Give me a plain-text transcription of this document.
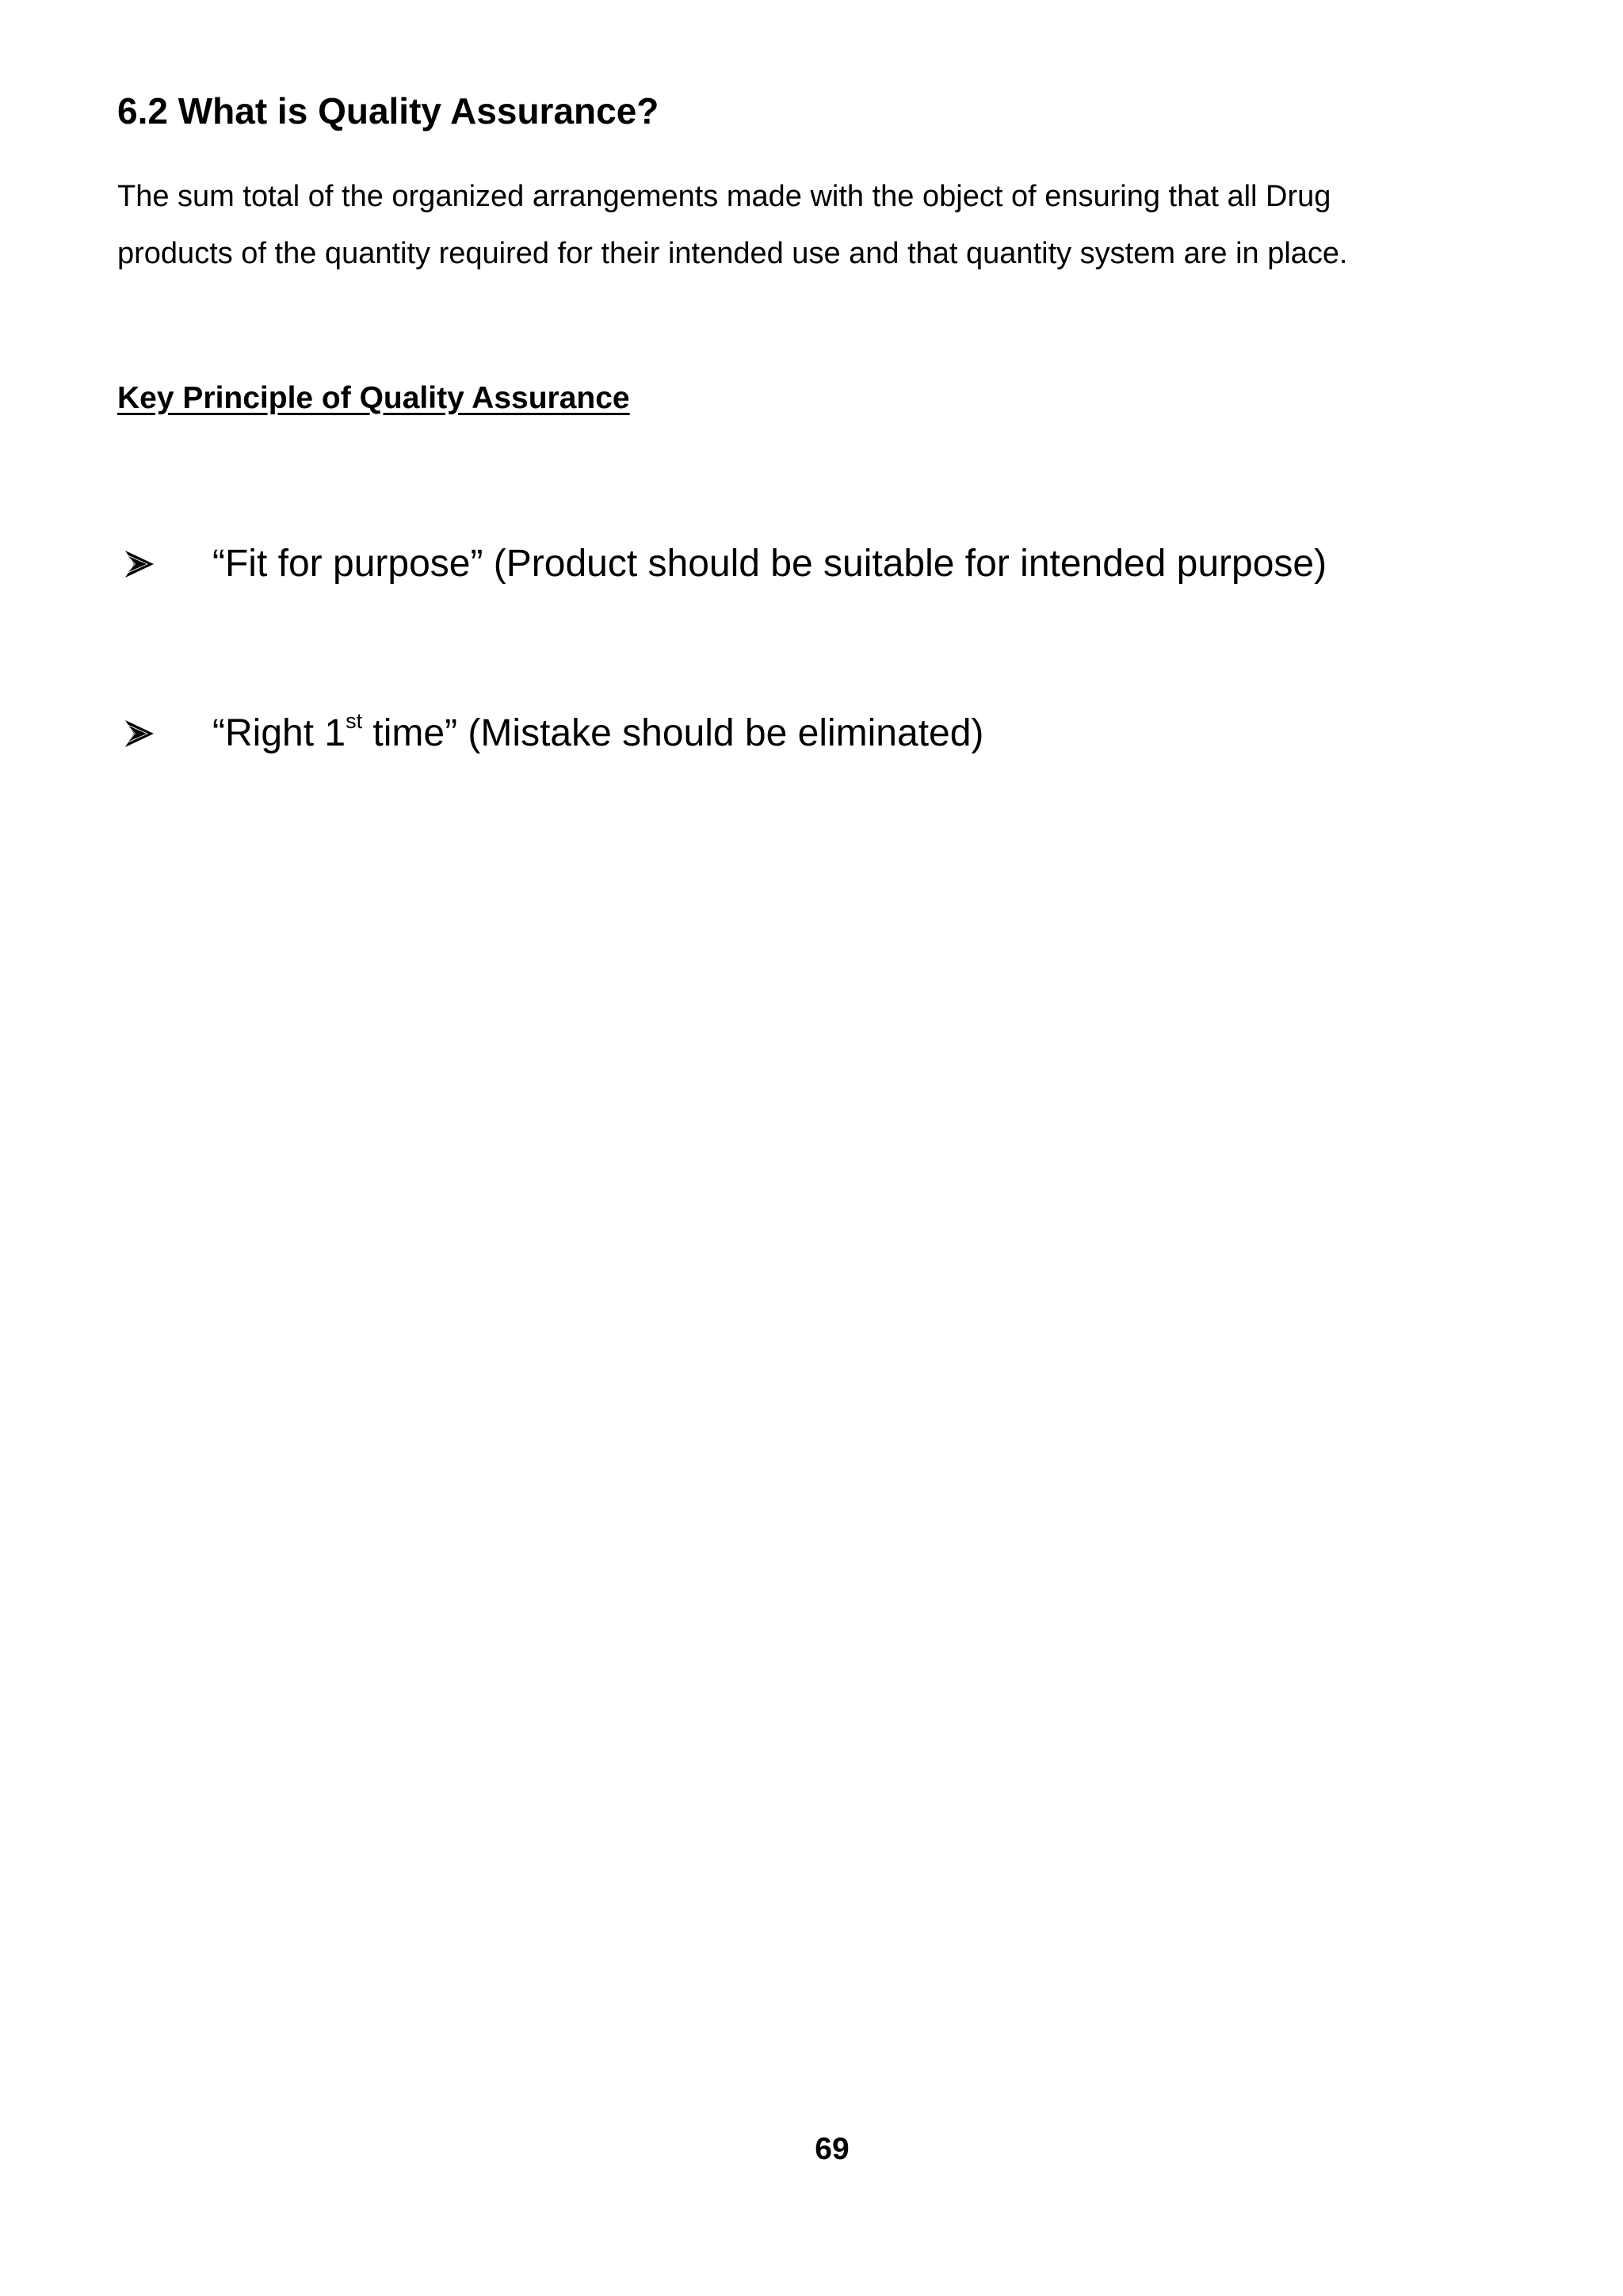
6.2 What is Quality Assurance?

The sum total of the organized arrangements made with the object of ensuring that all Drug
products of the quantity required for their intended use and that quantity system are in place.

Key Principle of Quality Assurance
“Fit for purpose” (Product should be suitable for intended purpose)
“Right 1st time” (Mistake should be eliminated)

69
